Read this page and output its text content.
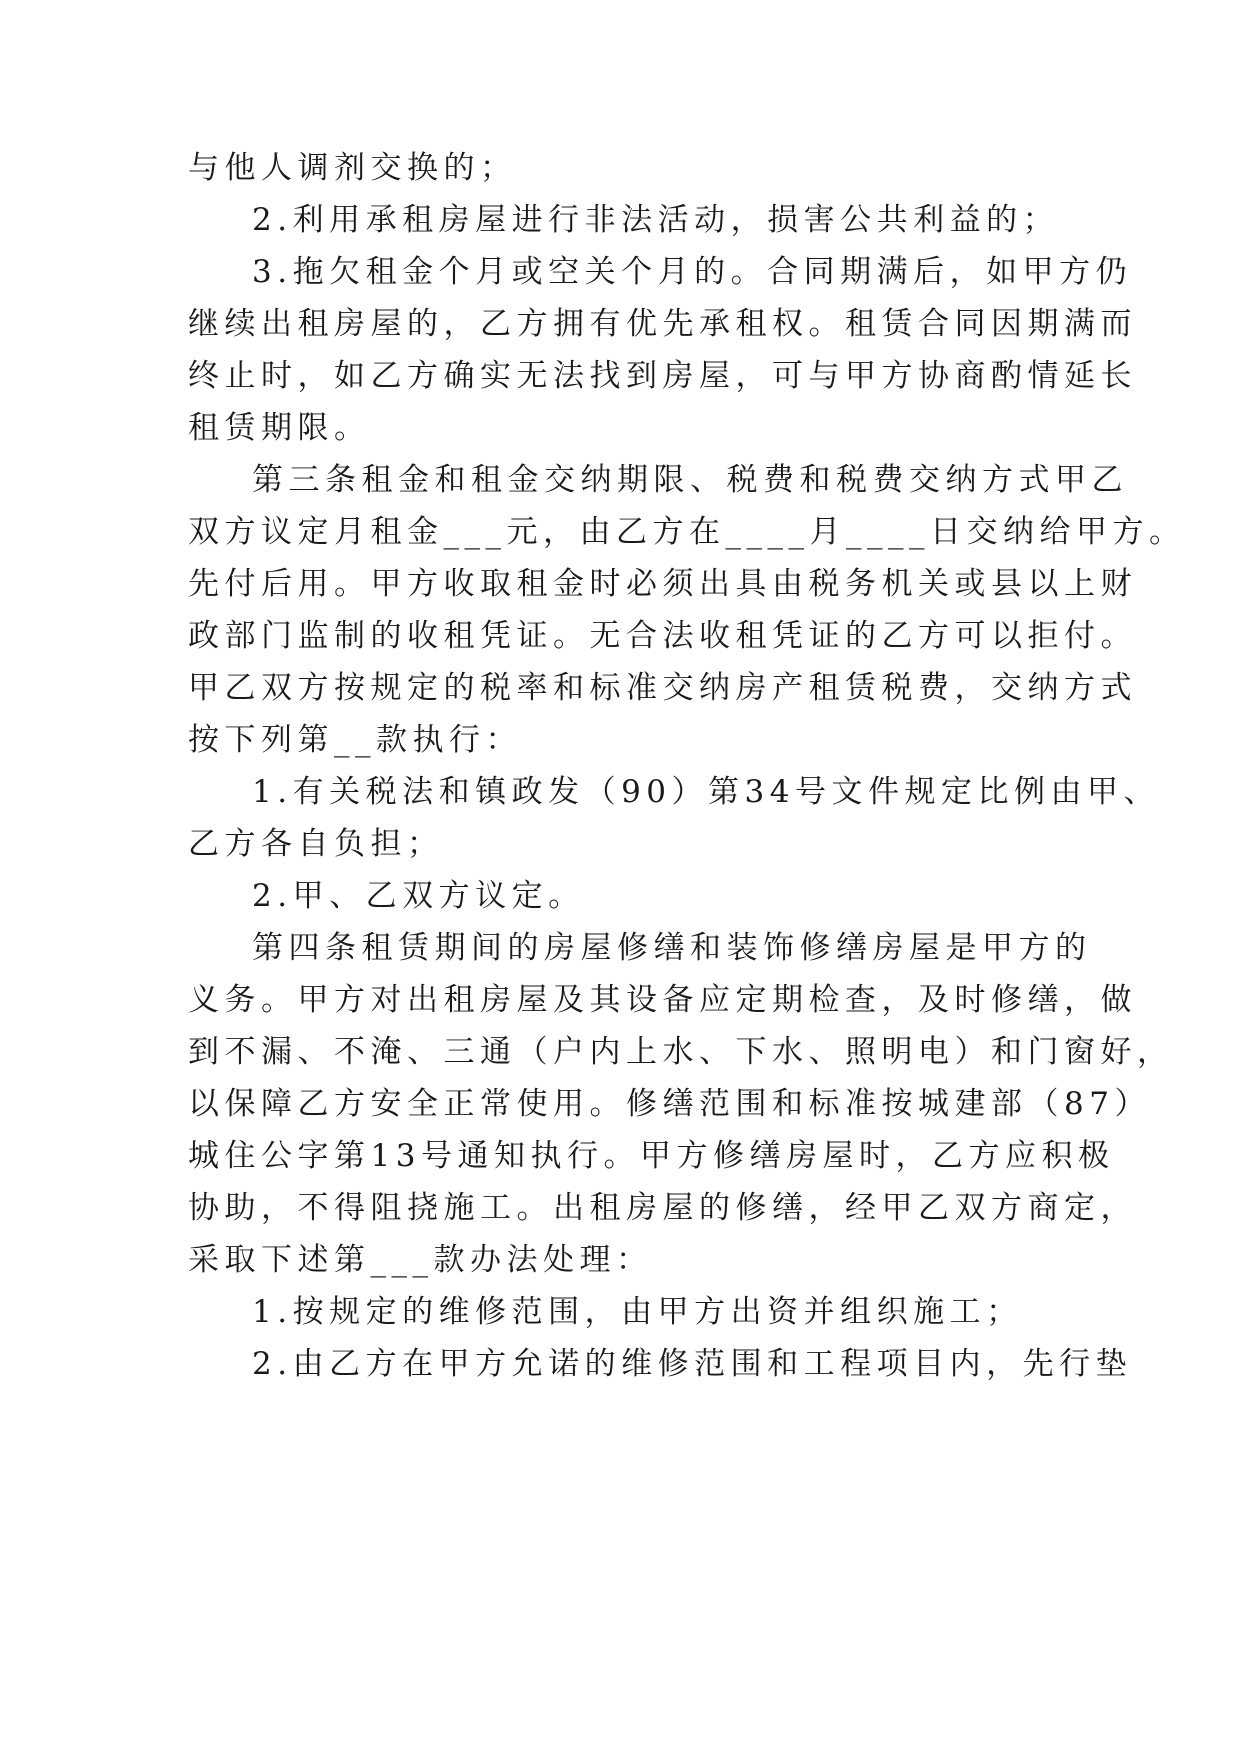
与他人调剂交换的；
2.利用承租房屋进行非法活动，损害公共利益的；
3.拖欠租金个月或空关个月的。合同期满后，如甲方仍
继续出租房屋的，乙方拥有优先承租权。租赁合同因期满而
终止时，如乙方确实无法找到房屋，可与甲方协商酌情延长
租赁期限。
第三条租金和租金交纳期限、税费和税费交纳方式甲乙
双方议定月租金___元，由乙方在____月____日交纳给甲方。
先付后用。甲方收取租金时必须出具由税务机关或县以上财
政部门监制的收租凭证。无合法收租凭证的乙方可以拒付。
甲乙双方按规定的税率和标准交纳房产租赁税费，交纳方式
按下列第__款执行：
1.有关税法和镇政发（90）第34号文件规定比例由甲、
乙方各自负担；
2.甲、乙双方议定。
第四条租赁期间的房屋修缮和装饰修缮房屋是甲方的
义务。甲方对出租房屋及其设备应定期检查，及时修缮，做
到不漏、不淹、三通（户内上水、下水、照明电）和门窗好，
以保障乙方安全正常使用。修缮范围和标准按城建部（87）
城住公字第13号通知执行。甲方修缮房屋时，乙方应积极
协助，不得阻挠施工。出租房屋的修缮，经甲乙双方商定，
采取下述第___款办法处理：
1.按规定的维修范围，由甲方出资并组织施工；
2.由乙方在甲方允诺的维修范围和工程项目内，先行垫
